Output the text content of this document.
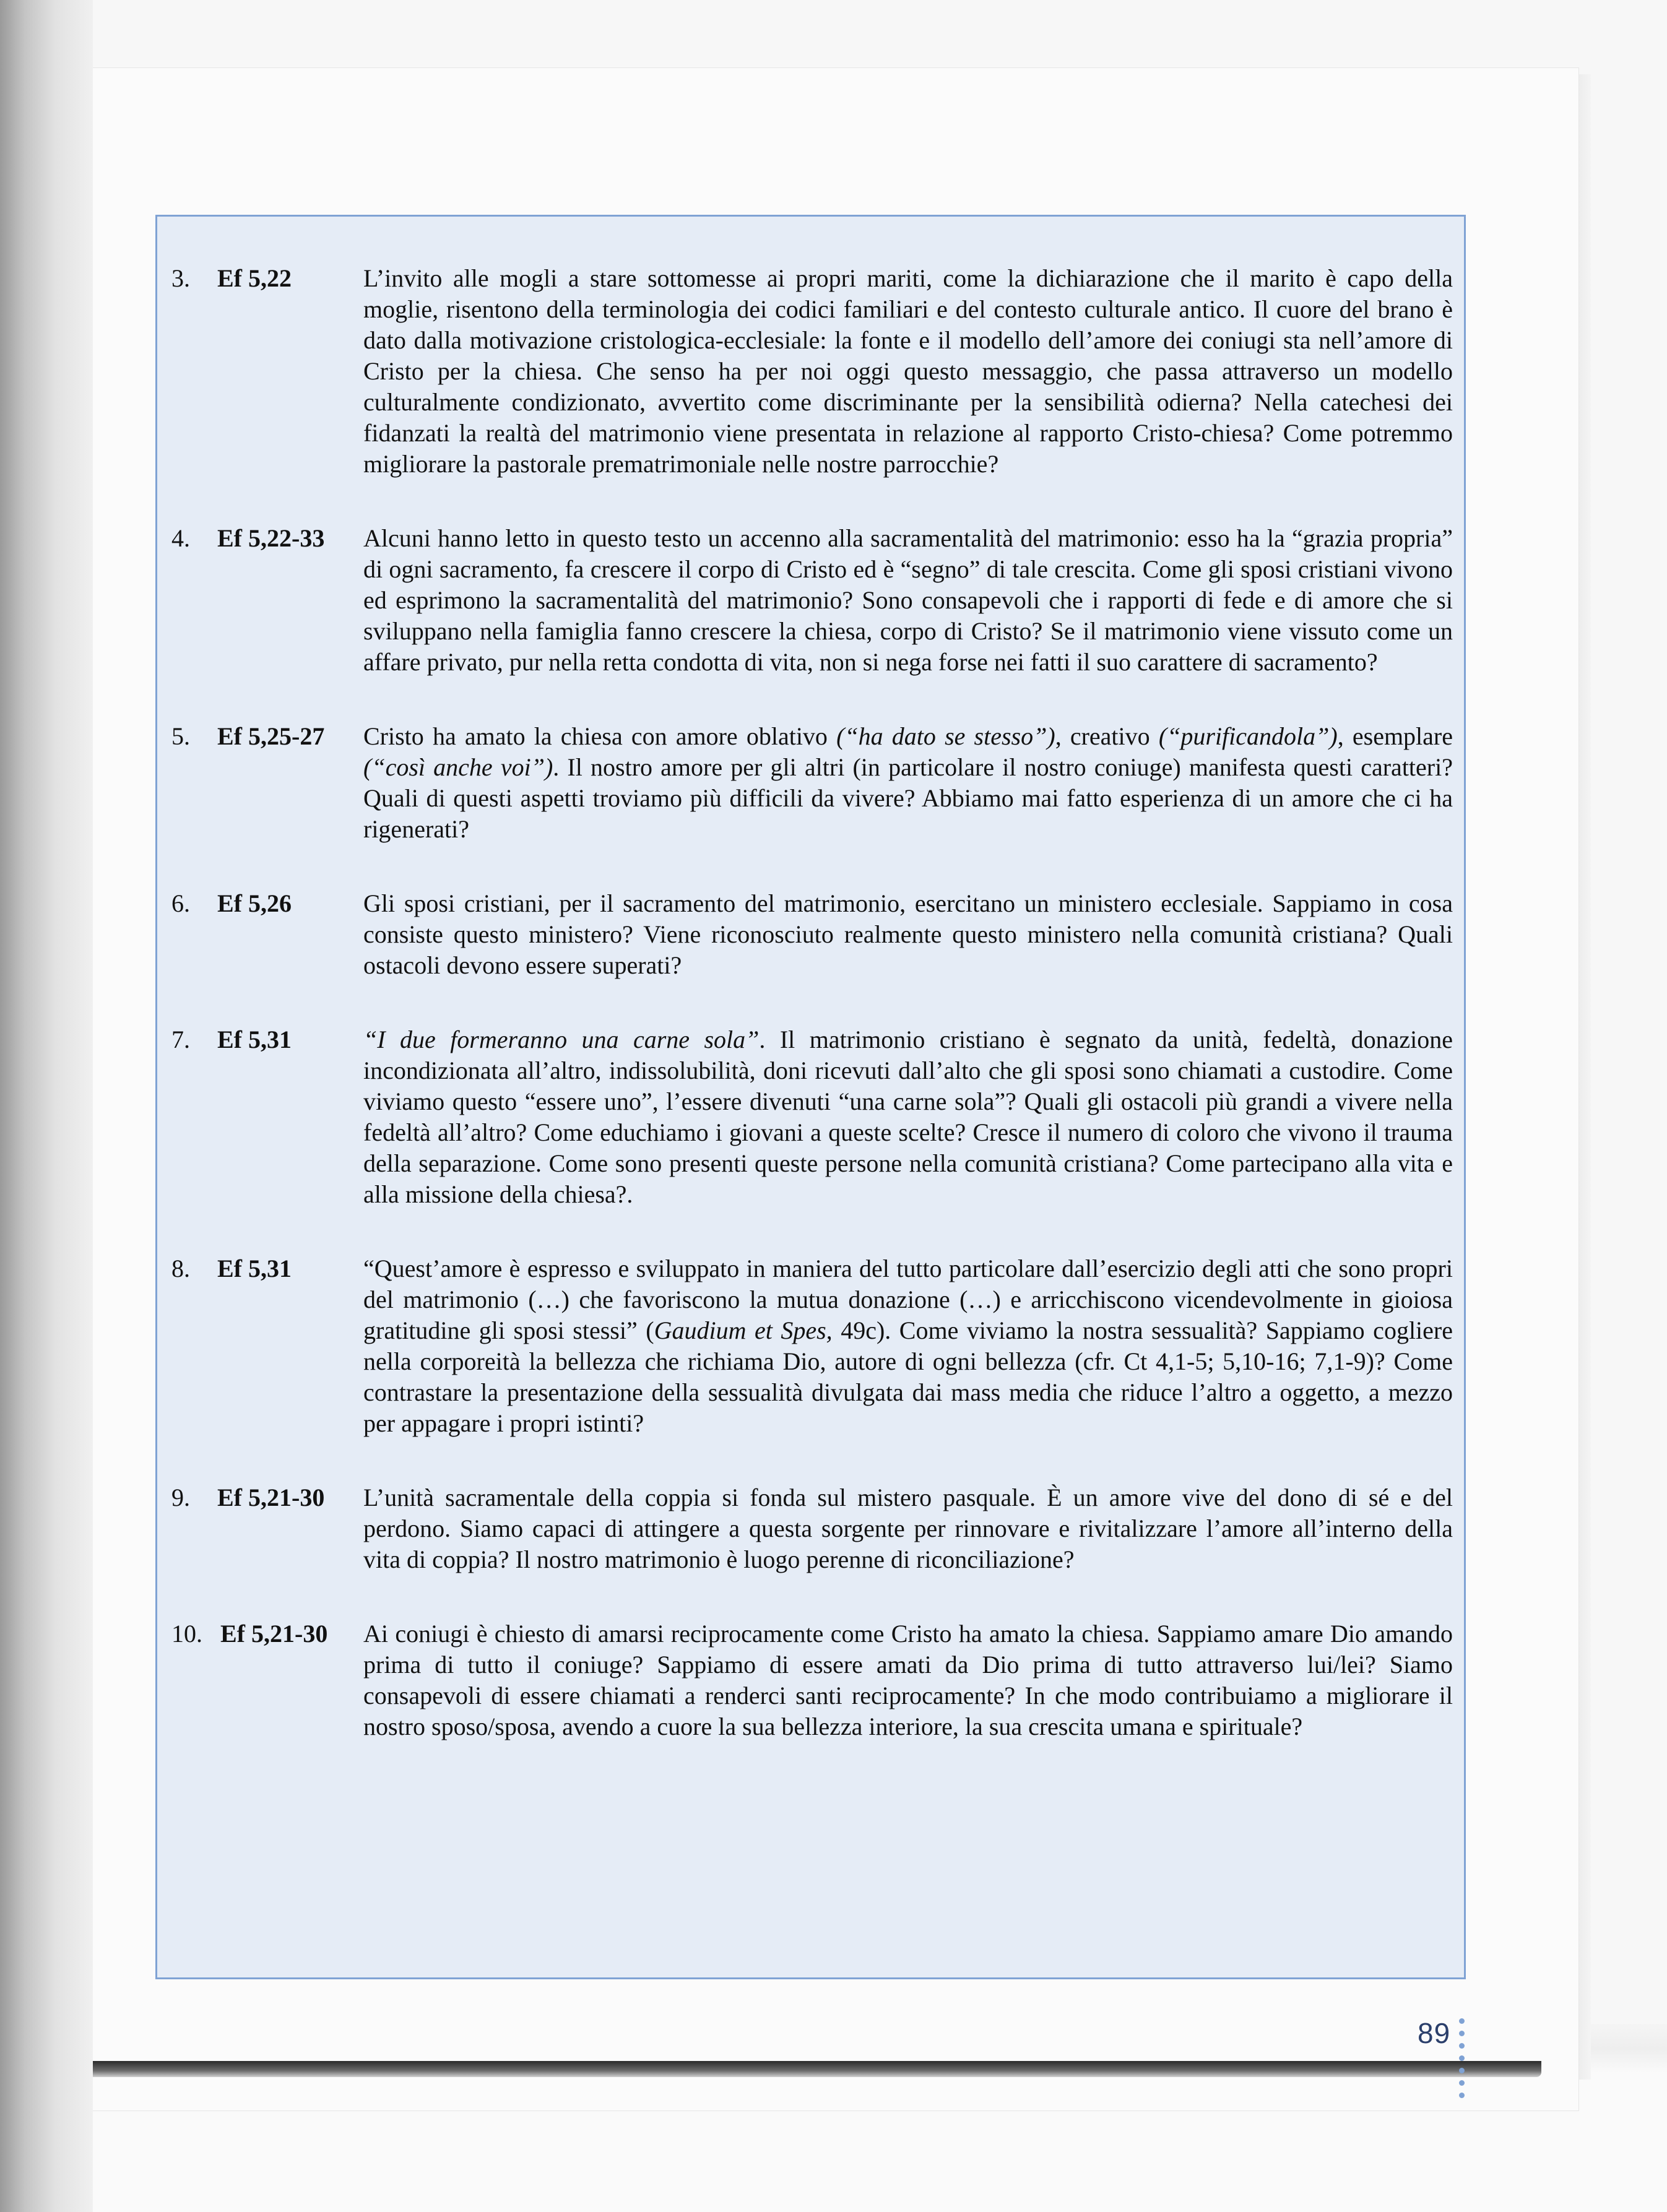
3.	Ef 5,22	L’invito alle mogli a stare sottomesse ai propri mariti, come la dichiarazione che il marito è capo della moglie, risentono della terminologia dei codici familiari e del contesto culturale antico. Il cuore del brano è dato dalla motivazione cristologica-ecclesiale: la fonte e il modello dell’amore dei coniugi sta nell’amore di Cristo per la chiesa. Che senso ha per noi oggi questo messaggio, che passa attraverso un modello culturalmente condizionato, avvertito come discriminante per la sensibilità odierna? Nella catechesi dei fidanzati la realtà del matrimonio viene presentata in relazione al rapporto Cristo-chiesa? Come potremmo migliorare la pastorale prematrimoniale nelle nostre parrocchie?

4.	Ef 5,22-33	Alcuni hanno letto in questo testo un accenno alla sacramentalità del matrimonio: esso ha la “grazia propria” di ogni sacramento, fa crescere il corpo di Cristo ed è “segno” di tale crescita. Come gli sposi cristiani vivono ed esprimono la sacramentalità del matrimonio? Sono consapevoli che i rapporti di fede e di amore che si sviluppano nella famiglia fanno crescere la chiesa, corpo di Cristo? Se il matrimonio viene vissuto come un affare privato, pur nella retta condotta di vita, non si nega forse nei fatti il suo carattere di sacramento?

5.	Ef 5,25-27	Cristo ha amato la chiesa con amore oblativo (“ha dato se stesso”), creativo (“purificandola”), esemplare (“così anche voi”). Il nostro amore per gli altri (in particolare il nostro coniuge) manifesta questi caratteri? Quali di questi aspetti troviamo più difficili da vivere? Abbiamo mai fatto esperienza di un amore che ci ha rigenerati?

6.	Ef 5,26	Gli sposi cristiani, per il sacramento del matrimonio, esercitano un ministero ecclesiale. Sappiamo in cosa consiste questo ministero? Viene riconosciuto realmente questo ministero nella comunità cristiana? Quali ostacoli devono essere superati?

7.	Ef 5,31	“I due formeranno una carne sola”. Il matrimonio cristiano è segnato da unità, fedeltà, donazione incondizionata all’altro, indissolubilità, doni ricevuti dall’alto che gli sposi sono chiamati a custodire. Come viviamo questo “essere uno”, l’essere divenuti “una carne sola”? Quali gli ostacoli più grandi a vivere nella fedeltà all’altro? Come educhiamo i giovani a queste scelte? Cresce il numero di coloro che vivono il trauma della separazione. Come sono presenti queste persone nella comunità cristiana? Come partecipano alla vita e alla missione della chiesa?.

8.	Ef 5,31	“Quest’amore è espresso e sviluppato in maniera del tutto particolare dall’esercizio degli atti che sono propri del matrimonio (…) che favoriscono la mutua donazione (…) e arricchiscono vicendevolmente in gioiosa gratitudine gli sposi stessi” (Gaudium et Spes, 49c). Come viviamo la nostra sessualità? Sappiamo cogliere nella corporeità la bellezza che richiama Dio, autore di ogni bellezza (cfr. Ct 4,1-5; 5,10-16; 7,1-9)? Come contrastare la presentazione della sessualità divulgata dai mass media che riduce l’altro a oggetto, a mezzo per appagare i propri istinti?

9.	Ef 5,21-30	L’unità sacramentale della coppia si fonda sul mistero pasquale. È un amore vive del dono di sé e del perdono. Siamo capaci di attingere a questa sorgente per rinnovare e rivitalizzare l’amore all’interno della vita di coppia? Il nostro matrimonio è luogo perenne di riconciliazione?

10. Ef 5,21-30	Ai coniugi è chiesto di amarsi reciprocamente come Cristo ha amato la chiesa. Sappiamo amare Dio amando prima di tutto il coniuge? Sappiamo di essere amati da Dio prima di tutto attraverso lui/lei? Siamo consapevoli di essere chiamati a renderci santi reciprocamente? In che modo contribuiamo a migliorare il nostro sposo/sposa, avendo a cuore la sua bellezza interiore, la sua crescita umana e spirituale?

89
